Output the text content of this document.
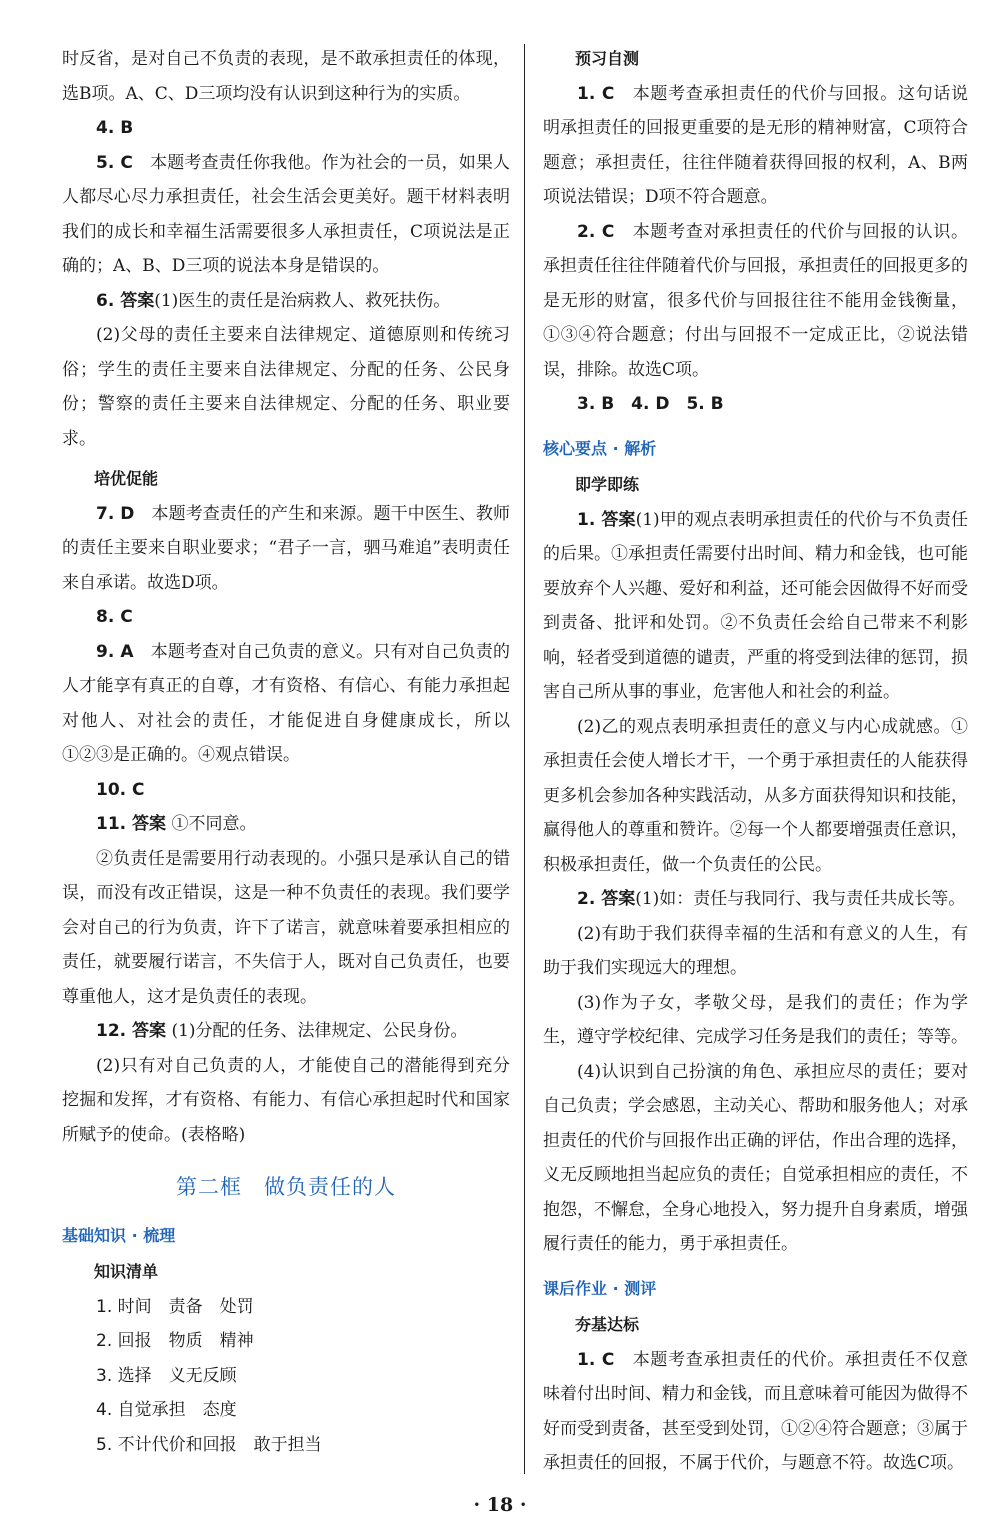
时反省，是对自己不负责的表现，是不敢承担责任的体现，选B项。A、C、D三项均没有认识到这种行为的实质。

4. B

5. C　 本题考查责任你我他。作为社会的一员，如果人人都尽心尽力承担责任，社会生活会更美好。题干材料表明我们的成长和幸福生活需要很多人承担责任，C项说法是正确的；A、B、D三项的说法本身是错误的。

6. 答案(1)医生的责任是治病救人、救死扶伤。

(2)父母的责任主要来自法律规定、道德原则和传统习俗；学生的责任主要来自法律规定、分配的任务、公民身份；警察的责任主要来自法律规定、分配的任务、职业要求。

培优促能

7. D　 本题考查责任的产生和来源。题干中医生、教师的责任主要来自职业要求；“君子一言，驷马难追”表明责任来自承诺。故选D项。

8. C

9. A　 本题考查对自己负责的意义。只有对自己负责的人才能享有真正的自尊，才有资格、有信心、有能力承担起对他人、对社会的责任，才能促进自身健康成长，所以①②③是正确的。④观点错误。

10. C

11. 答案 ①不同意。

②负责任是需要用行动表现的。小强只是承认自己的错误，而没有改正错误，这是一种不负责任的表现。我们要学会对自己的行为负责，许下了诺言，就意味着要承担相应的责任，就要履行诺言，不失信于人，既对自己负责任，也要尊重他人，这才是负责任的表现。

12. 答案 (1)分配的任务、法律规定、公民身份。

(2)只有对自己负责的人，才能使自己的潜能得到充分挖掘和发挥，才有资格、有能力、有信心承担起时代和国家所赋予的使命。(表格略)

第二框　做负责任的人
基础知识 · 梳理
知识清单
1. 时间　责备　处罚
2. 回报　物质　精神
3. 选择　义无反顾
4. 自觉承担　态度
5. 不计代价和回报　敢于担当
预习自测

1. C　 本题考查承担责任的代价与回报。这句话说明承担责任的回报更重要的是无形的精神财富，C项符合题意；承担责任，往往伴随着获得回报的权利，A、B两项说法错误；D项不符合题意。

2. C　 本题考查对承担责任的代价与回报的认识。承担责任往往伴随着代价与回报，承担责任的回报更多的是无形的财富，很多代价与回报往往不能用金钱衡量，①③④符合题意；付出与回报不一定成正比，②说法错误，排除。故选C项。

3. B　4. D　5. B

核心要点 · 解析
即学即练

1. 答案(1)甲的观点表明承担责任的代价与不负责任的后果。①承担责任需要付出时间、精力和金钱，也可能要放弃个人兴趣、爱好和利益，还可能会因做得不好而受到责备、批评和处罚。②不负责任会给自己带来不利影响，轻者受到道德的谴责，严重的将受到法律的惩罚，损害自己所从事的事业，危害他人和社会的利益。

(2)乙的观点表明承担责任的意义与内心成就感。①承担责任会使人增长才干，一个勇于承担责任的人能获得更多机会参加各种实践活动，从多方面获得知识和技能，赢得他人的尊重和赞许。②每一个人都要增强责任意识，积极承担责任，做一个负责任的公民。

2. 答案(1)如：责任与我同行、我与责任共成长等。

(2)有助于我们获得幸福的生活和有意义的人生，有助于我们实现远大的理想。

(3)作为子女，孝敬父母，是我们的责任；作为学生，遵守学校纪律、完成学习任务是我们的责任；等等。

(4)认识到自己扮演的角色、承担应尽的责任；要对自己负责；学会感恩，主动关心、帮助和服务他人；对承担责任的代价与回报作出正确的评估，作出合理的选择，义无反顾地担当起应负的责任；自觉承担相应的责任，不抱怨，不懈怠，全身心地投入，努力提升自身素质，增强履行责任的能力，勇于承担责任。

课后作业 · 测评
夯基达标

1. C　 本题考查承担责任的代价。承担责任不仅意味着付出时间、精力和金钱，而且意味着可能因为做得不好而受到责备，甚至受到处罚，①②④符合题意；③属于承担责任的回报，不属于代价，与题意不符。故选C项。

· 18 ·
